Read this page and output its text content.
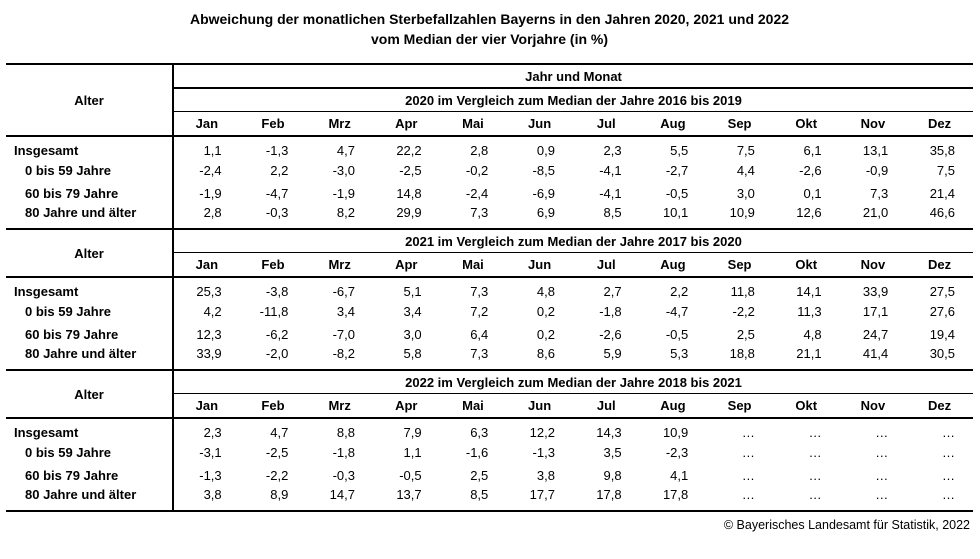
Abweichung der monatlichen Sterbefallzahlen Bayerns in den Jahren 2020, 2021 und 2022
vom Median der vier Vorjahre (in %)
Alter	Jahr und Monat											
	2020 im Vergleich zum Median der Jahre 2016 bis 2019											
	Jan	Feb	Mrz	Apr	Mai	Jun	Jul	Aug	Sep	Okt	Nov	Dez
Insgesamt	1,1	-1,3	4,7	22,2	2,8	0,9	2,3	5,5	7,5	6,1	13,1	35,8
0 bis 59 Jahre	-2,4	2,2	-3,0	-2,5	-0,2	-8,5	-4,1	-2,7	4,4	-2,6	-0,9	7,5
60 bis 79 Jahre	-1,9	-4,7	-1,9	14,8	-2,4	-6,9	-4,1	-0,5	3,0	0,1	7,3	21,4
80 Jahre und älter	2,8	-0,3	8,2	29,9	7,3	6,9	8,5	10,1	10,9	12,6	21,0	46,6
Alter	2021 im Vergleich zum Median der Jahre 2017 bis 2020											
	Jan	Feb	Mrz	Apr	Mai	Jun	Jul	Aug	Sep	Okt	Nov	Dez
Insgesamt	25,3	-3,8	-6,7	5,1	7,3	4,8	2,7	2,2	11,8	14,1	33,9	27,5
0 bis 59 Jahre	4,2	-11,8	3,4	3,4	7,2	0,2	-1,8	-4,7	-2,2	11,3	17,1	27,6
60 bis 79 Jahre	12,3	-6,2	-7,0	3,0	6,4	0,2	-2,6	-0,5	2,5	4,8	24,7	19,4
80 Jahre und älter	33,9	-2,0	-8,2	5,8	7,3	8,6	5,9	5,3	18,8	21,1	41,4	30,5
Alter	2022 im Vergleich zum Median der Jahre 2018 bis 2021											
	Jan	Feb	Mrz	Apr	Mai	Jun	Jul	Aug	Sep	Okt	Nov	Dez
Insgesamt	2,3	4,7	8,8	7,9	6,3	12,2	14,3	10,9	…	…	…	…
0 bis 59 Jahre	-3,1	-2,5	-1,8	1,1	-1,6	-1,3	3,5	-2,3	…	…	…	…
60 bis 79 Jahre	-1,3	-2,2	-0,3	-0,5	2,5	3,8	9,8	4,1	…	…	…	…
80 Jahre und älter	3,8	8,9	14,7	13,7	8,5	17,7	17,8	17,8	…	…	…	…
© Bayerisches Landesamt für Statistik, 2022
